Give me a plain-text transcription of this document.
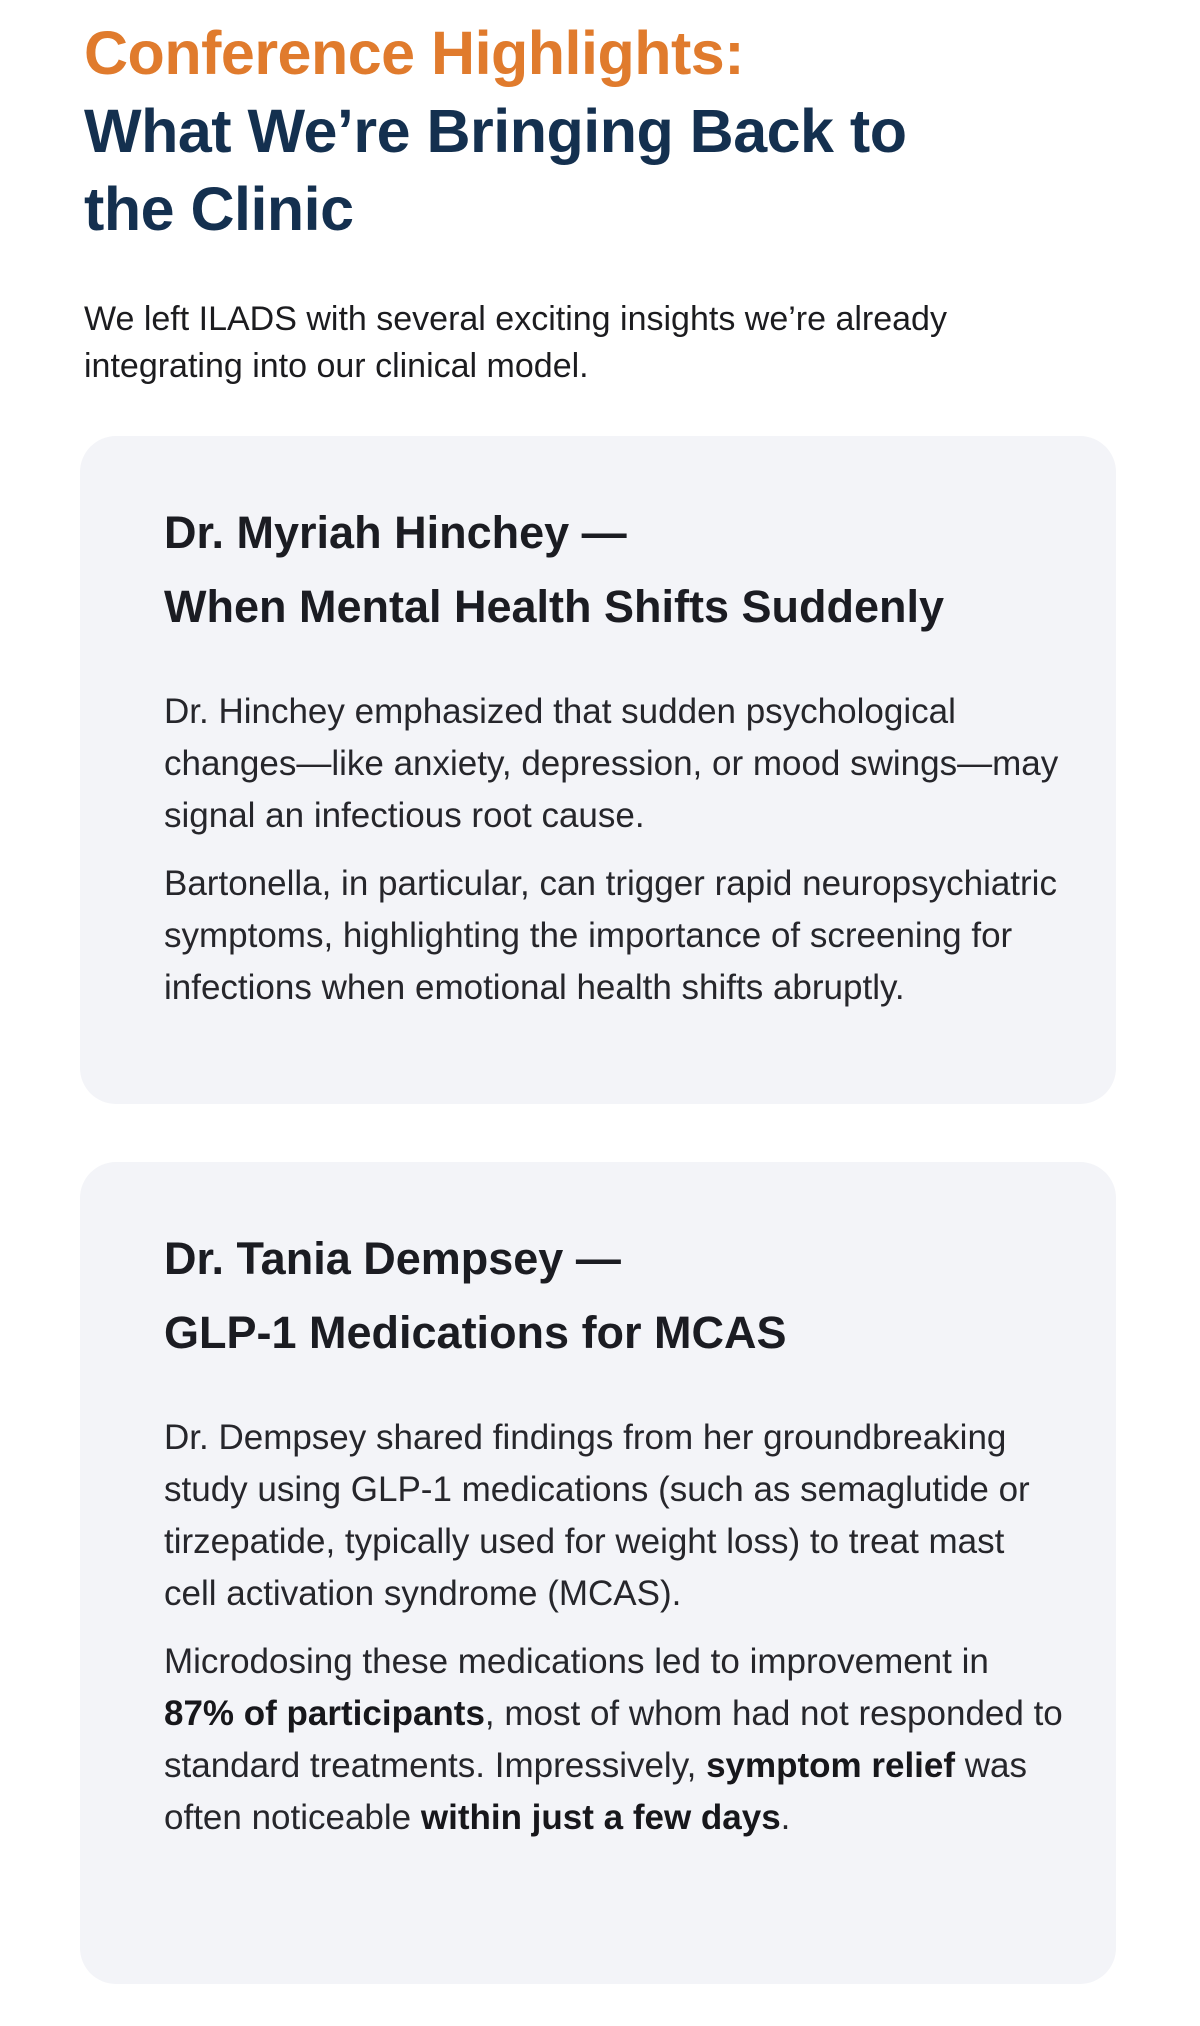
Conference Highlights:
What We’re Bringing Back to the Clinic

We left ILADS with several exciting insights we’re already integrating into our clinical model.

Dr. Myriah Hinchey —
When Mental Health Shifts Suddenly

Dr. Hinchey emphasized that sudden psychological changes—like anxiety, depression, or mood swings—may signal an infectious root cause.

Bartonella, in particular, can trigger rapid neuropsychiatric symptoms, highlighting the importance of screening for infections when emotional health shifts abruptly.

Dr. Tania Dempsey —
GLP-1 Medications for MCAS

Dr. Dempsey shared findings from her groundbreaking study using GLP-1 medications (such as semaglutide or tirzepatide, typically used for weight loss) to treat mast cell activation syndrome (MCAS).

Microdosing these medications led to improvement in 87% of participants, most of whom had not responded to standard treatments. Impressively, symptom relief was often noticeable within just a few days.
